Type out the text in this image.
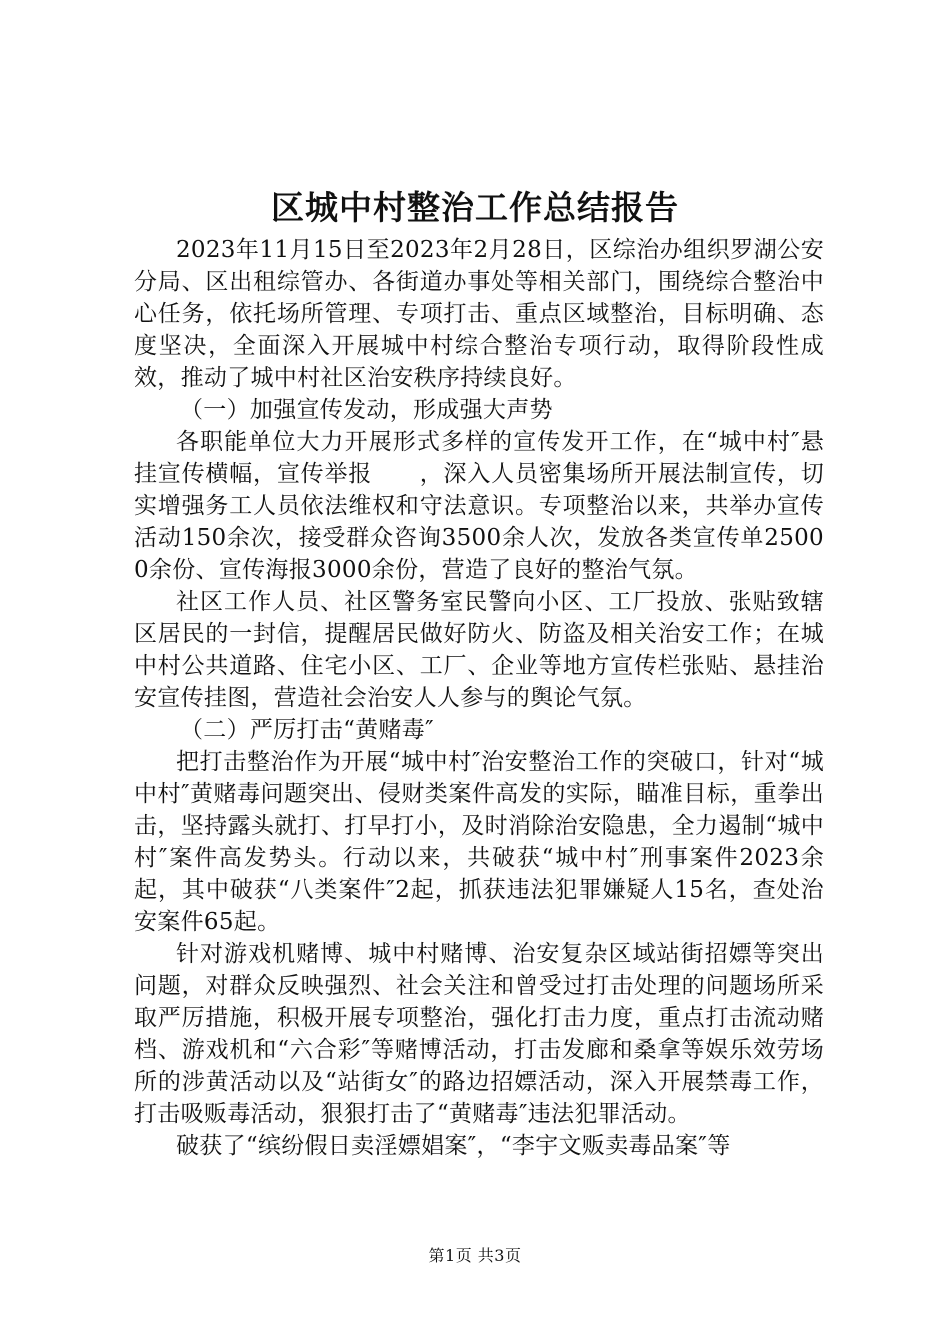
区城中村整治工作总结报告

2023年11月15日至2023年2月28日，区综治办组织罗湖公安分局、区出租综管办、各街道办事处等相关部门，围绕综合整治中心任务，依托场所管理、专项打击、重点区域整治，目标明确、态度坚决，全面深入开展城中村综合整治专项行动，取得阶段性成效，推动了城中村社区治安秩序持续良好。

（一）加强宣传发动，形成强大声势

各职能单位大力开展形式多样的宣传发开工作，在“城中村″悬挂宣传横幅，宣传举报　　，深入人员密集场所开展法制宣传，切实增强务工人员依法维权和守法意识。专项整治以来，共举办宣传活动150余次，接受群众咨询3500余人次，发放各类宣传单25000余份、宣传海报3000余份，营造了良好的整治气氛。

社区工作人员、社区警务室民警向小区、工厂投放、张贴致辖区居民的一封信，提醒居民做好防火、防盗及相关治安工作；在城中村公共道路、住宅小区、工厂、企业等地方宣传栏张贴、悬挂治安宣传挂图，营造社会治安人人参与的舆论气氛。

（二）严厉打击“黄赌毒″

把打击整治作为开展“城中村″治安整治工作的突破口，针对“城中村″黄赌毒问题突出、侵财类案件高发的实际，瞄准目标，重拳出击，坚持露头就打、打早打小，及时消除治安隐患，全力遏制“城中村″案件高发势头。行动以来，共破获“城中村″刑事案件2023余起，其中破获“八类案件″2起，抓获违法犯罪嫌疑人15名，查处治安案件65起。

针对游戏机赌博、城中村赌博、治安复杂区域站街招嫖等突出问题，对群众反映强烈、社会关注和曾受过打击处理的问题场所采取严厉措施，积极开展专项整治，强化打击力度，重点打击流动赌档、游戏机和“六合彩″等赌博活动，打击发廊和桑拿等娱乐效劳场所的涉黄活动以及“站街女″的路边招嫖活动，深入开展禁毒工作，打击吸贩毒活动，狠狠打击了“黄赌毒″违法犯罪活动。

破获了“缤纷假日卖淫嫖娼案″，“李宇文贩卖毒品案″等

第1页 共3页
